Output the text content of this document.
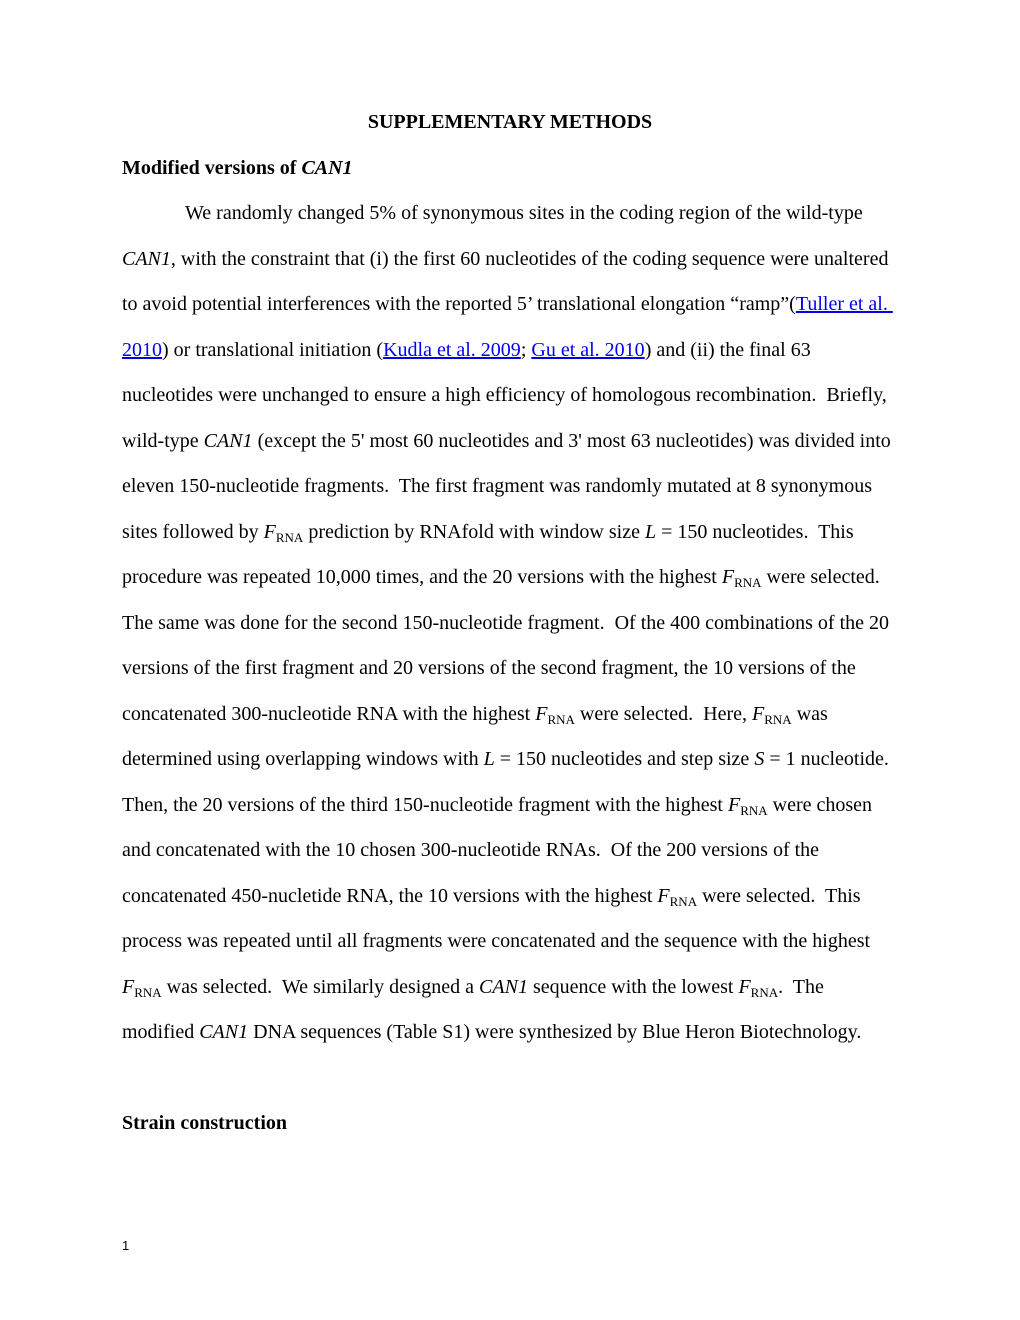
SUPPLEMENTARY METHODS
Modified versions of CAN1

We randomly changed 5% of synonymous sites in the coding region of the wild-type CAN1, with the constraint that (i) the first 60 nucleotides of the coding sequence were unaltered to avoid potential interferences with the reported 5’ translational elongation “ramp”(Tuller et al. 2010) or translational initiation (Kudla et al. 2009; Gu et al. 2010) and (ii) the final 63 nucleotides were unchanged to ensure a high efficiency of homologous recombination.  Briefly, wild-type CAN1 (except the 5' most 60 nucleotides and 3' most 63 nucleotides) was divided into eleven 150-nucleotide fragments.  The first fragment was randomly mutated at 8 synonymous sites followed by $F_{RNA}$ prediction by RNAfold with window size L = 150 nucleotides.  This procedure was repeated 10,000 times, and the 20 versions with the highest $F_{RNA}$ were selected.  The same was done for the second 150-nucleotide fragment.  Of the 400 combinations of the 20 versions of the first fragment and 20 versions of the second fragment, the 10 versions of the concatenated 300-nucleotide RNA with the highest $F_{RNA}$ were selected.  Here, $F_{RNA}$ was determined using overlapping windows with L = 150 nucleotides and step size S = 1 nucleotide.  Then, the 20 versions of the third 150-nucleotide fragment with the highest $F_{RNA}$ were chosen and concatenated with the 10 chosen 300-nucleotide RNAs.  Of the 200 versions of the concatenated 450-nucletide RNA, the 10 versions with the highest $F_{RNA}$ were selected.  This process was repeated until all fragments were concatenated and the sequence with the highest $F_{RNA}$ was selected.  We similarly designed a CAN1 sequence with the lowest $F_{RNA}$.  The modified CAN1 DNA sequences (Table S1) were synthesized by Blue Heron Biotechnology.

Strain construction
1
